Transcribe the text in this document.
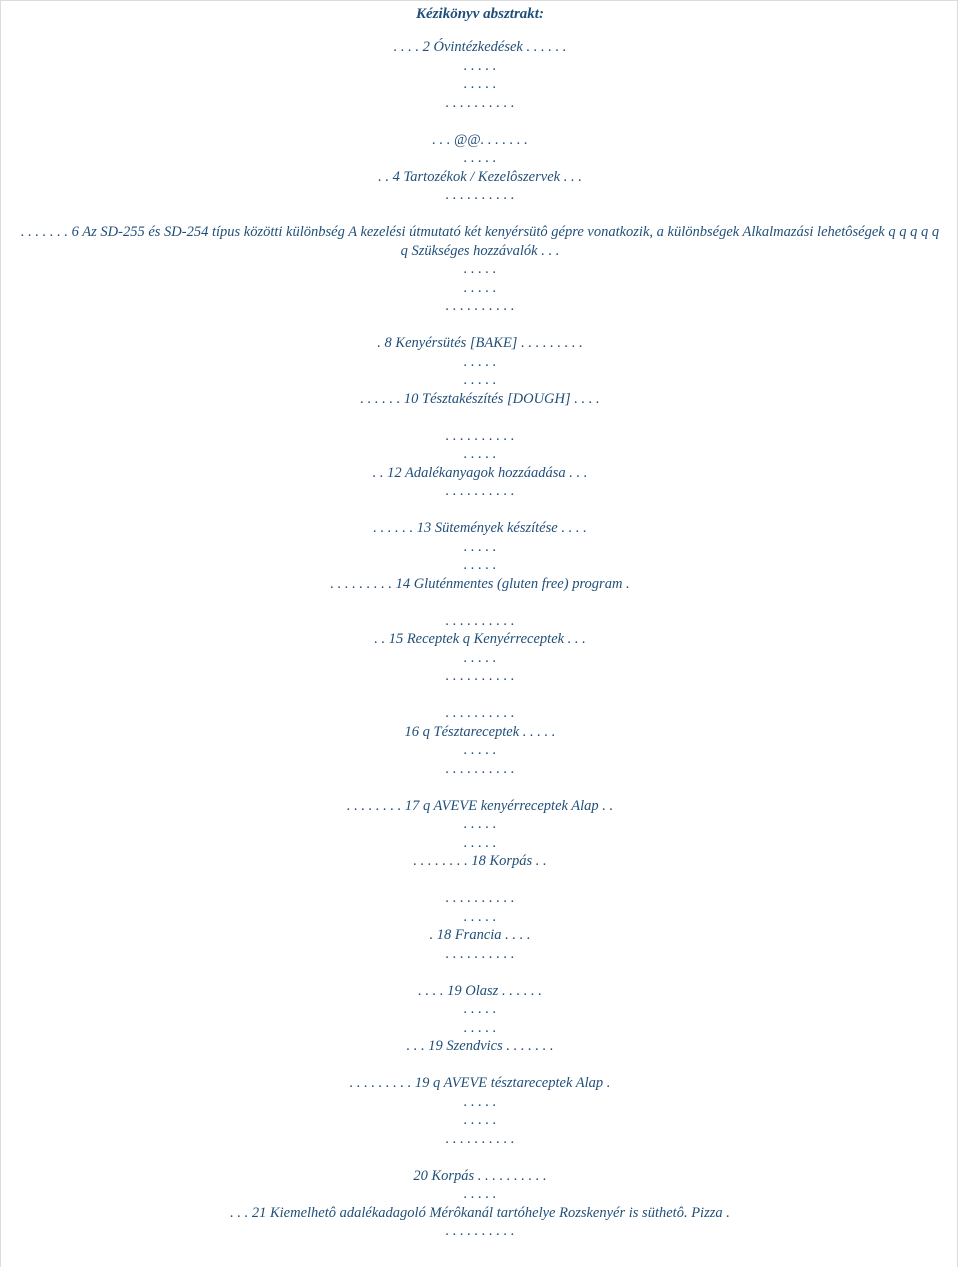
Kézikönyv absztrakt:
. . . . 2 Óvintézkedések . . . . . .
. . . . .
. . . . .
. . . . . . . . . .
. . . @@. . . . . . .
. . . . .
. . 4 Tartozékok / Kezelôszervek . . .
. . . . . . . . . .
. . . . . . . 6 Az SD-255 és SD-254 típus közötti különbség A kezelési útmutató két kenyérsütô gépre vonatkozik, a különbségek Alkalmazási lehetôségek q q q q q
q Szükséges hozzávalók . . .
. . . . .
. . . . .
. . . . . . . . . .
. 8 Kenyérsütés [BAKE] . . . . . . . . .
. . . . .
. . . . .
. . . . . . 10 Tésztakészítés [DOUGH] . . . .
. . . . . . . . . .
. . . . .
. . 12 Adalékanyagok hozzáadása . . .
. . . . . . . . . .
. . . . . . 13 Sütemények készítése . . . .
. . . . .
. . . . .
. . . . . . . . . 14 Gluténmentes (gluten free) program .
. . . . . . . . . .
. . 15 Receptek q Kenyérreceptek . . .
. . . . .
. . . . . . . . . .
. . . . . . . . . .
16 q Tésztareceptek . . . . .
. . . . .
. . . . . . . . . .
. . . . . . . . 17 q AVEVE kenyérreceptek Alap . .
. . . . .
. . . . .
. . . . . . . . 18 Korpás . .
. . . . . . . . . .
. . . . .
. 18 Francia . . . .
. . . . . . . . . .
. . . . 19 Olasz . . . . . .
. . . . .
. . . . .
. . . 19 Szendvics . . . . . . .
. . . . . . . . . 19 q AVEVE tésztareceptek Alap .
. . . . .
. . . . .
. . . . . . . . . .
20 Korpás . . . . . . . . . .
. . . . .
. . . 21 Kiemelhetô adalékadagoló Mérôkanál tartóhelye Rozskenyér is süthetô. Pizza .
. . . . . . . . . .
